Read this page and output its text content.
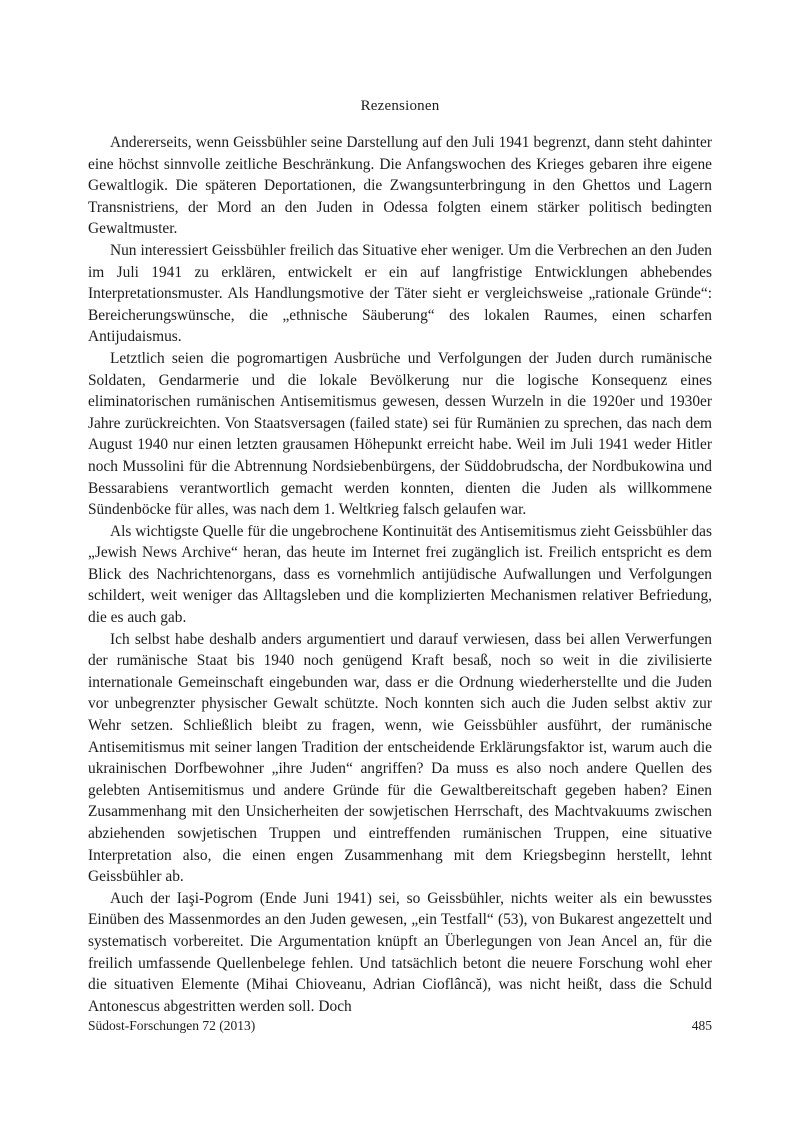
Rezensionen

Andererseits, wenn Geissbühler seine Darstellung auf den Juli 1941 begrenzt, dann steht dahinter eine höchst sinnvolle zeitliche Beschränkung. Die Anfangswochen des Krieges gebaren ihre eigene Gewaltlogik. Die späteren Deportationen, die Zwangsunterbringung in den Ghettos und Lagern Transnistriens, der Mord an den Juden in Odessa folgten einem stärker politisch bedingten Gewaltmuster.

Nun interessiert Geissbühler freilich das Situative eher weniger. Um die Verbrechen an den Juden im Juli 1941 zu erklären, entwickelt er ein auf langfristige Entwicklungen abhebendes Interpretationsmuster. Als Handlungsmotive der Täter sieht er vergleichsweise „rationale Gründe“: Bereicherungswünsche, die „ethnische Säuberung“ des lokalen Raumes, einen scharfen Antijudaismus.

Letztlich seien die pogromartigen Ausbrüche und Verfolgungen der Juden durch rumänische Soldaten, Gendarmerie und die lokale Bevölkerung nur die logische Konsequenz eines eliminatorischen rumänischen Antisemitismus gewesen, dessen Wurzeln in die 1920er und 1930er Jahre zurückreichten. Von Staatsversagen (failed state) sei für Rumänien zu sprechen, das nach dem August 1940 nur einen letzten grausamen Höhepunkt erreicht habe. Weil im Juli 1941 weder Hitler noch Mussolini für die Abtrennung Nordsiebenbürgens, der Süddobrudscha, der Nordbukowina und Bessarabiens verantwortlich gemacht werden konnten, dienten die Juden als willkommene Sündenböcke für alles, was nach dem 1. Weltkrieg falsch gelaufen war.

Als wichtigste Quelle für die ungebrochene Kontinuität des Antisemitismus zieht Geissbühler das „Jewish News Archive“ heran, das heute im Internet frei zugänglich ist. Freilich entspricht es dem Blick des Nachrichtenorgans, dass es vornehmlich antijüdische Aufwallungen und Verfolgungen schildert, weit weniger das Alltagsleben und die komplizierten Mechanismen relativer Befriedung, die es auch gab.

Ich selbst habe deshalb anders argumentiert und darauf verwiesen, dass bei allen Verwerfungen der rumänische Staat bis 1940 noch genügend Kraft besaß, noch so weit in die zivilisierte internationale Gemeinschaft eingebunden war, dass er die Ordnung wiederherstellte und die Juden vor unbegrenzter physischer Gewalt schützte. Noch konnten sich auch die Juden selbst aktiv zur Wehr setzen. Schließlich bleibt zu fragen, wenn, wie Geissbühler ausführt, der rumänische Antisemitismus mit seiner langen Tradition der entscheidende Erklärungsfaktor ist, warum auch die ukrainischen Dorfbewohner „ihre Juden“ angriffen? Da muss es also noch andere Quellen des gelebten Antisemitismus und andere Gründe für die Gewaltbereitschaft gegeben haben? Einen Zusammenhang mit den Unsicherheiten der sowjetischen Herrschaft, des Machtvakuums zwischen abziehenden sowjetischen Truppen und eintreffenden rumänischen Truppen, eine situative Interpretation also, die einen engen Zusammenhang mit dem Kriegsbeginn herstellt, lehnt Geissbühler ab.

Auch der Iaşi-Pogrom (Ende Juni 1941) sei, so Geissbühler, nichts weiter als ein bewusstes Einüben des Massenmordes an den Juden gewesen, „ein Testfall“ (53), von Bukarest angezettelt und systematisch vorbereitet. Die Argumentation knüpft an Überlegungen von Jean Ancel an, für die freilich umfassende Quellenbelege fehlen. Und tatsächlich betont die neuere Forschung wohl eher die situativen Elemente (Mihai Chioveanu, Adrian Cioflâncă), was nicht heißt, dass die Schuld Antonescus abgestritten werden soll. Doch

Südost-Forschungen 72 (2013)	485
